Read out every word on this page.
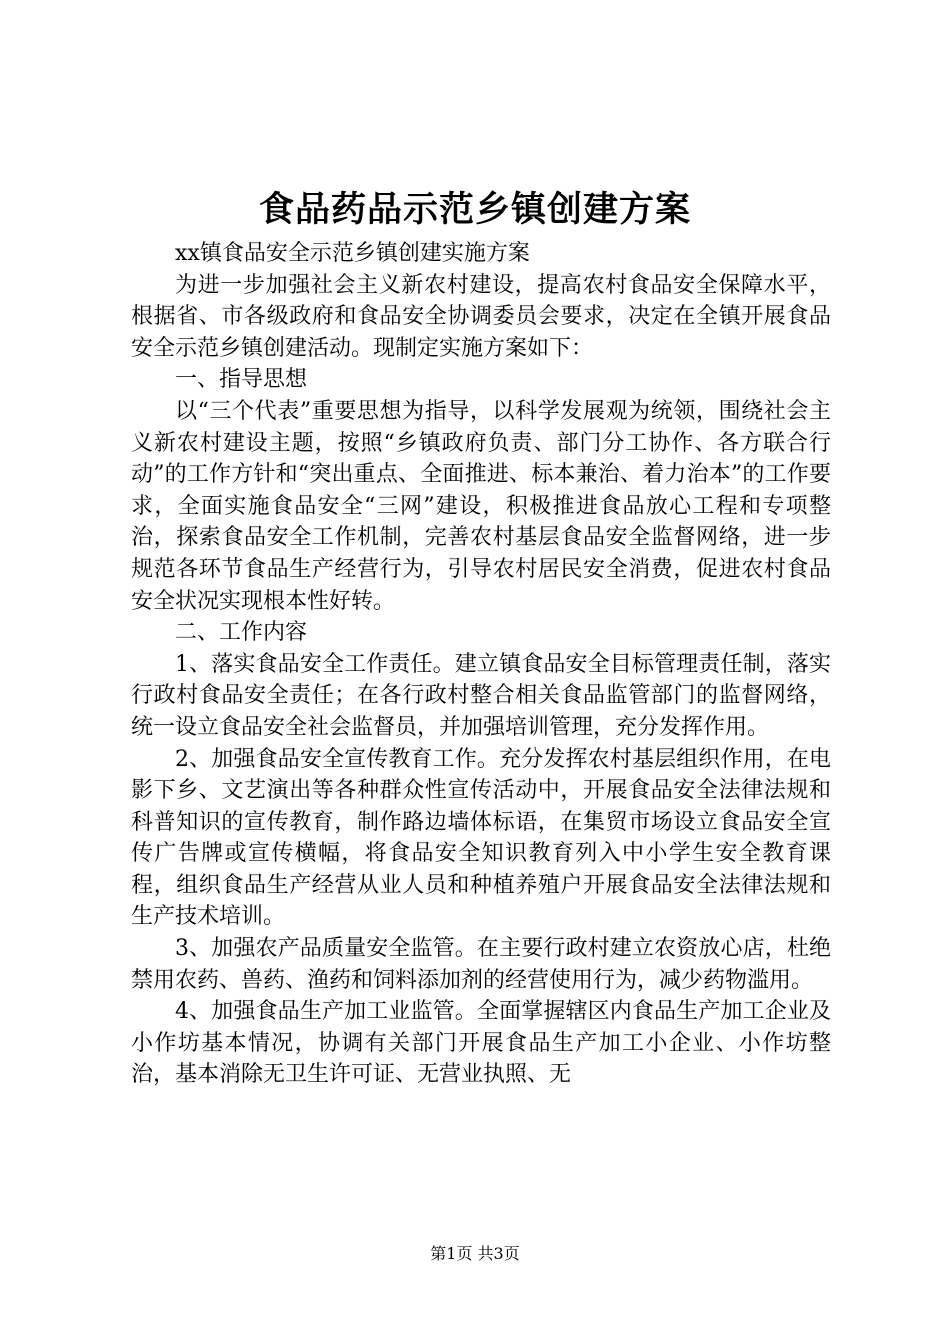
食品药品示范乡镇创建方案

xx镇食品安全示范乡镇创建实施方案

为进一步加强社会主义新农村建设，提高农村食品安全保障水平，根据省、市各级政府和食品安全协调委员会要求，决定在全镇开展食品安全示范乡镇创建活动。现制定实施方案如下：

一、指导思想

以“三个代表”重要思想为指导，以科学发展观为统领，围绕社会主义新农村建设主题，按照“乡镇政府负责、部门分工协作、各方联合行动”的工作方针和“突出重点、全面推进、标本兼治、着力治本”的工作要求，全面实施食品安全“三网”建设，积极推进食品放心工程和专项整治，探索食品安全工作机制，完善农村基层食品安全监督网络，进一步规范各环节食品生产经营行为，引导农村居民安全消费，促进农村食品安全状况实现根本性好转。

二、工作内容

1、落实食品安全工作责任。建立镇食品安全目标管理责任制，落实行政村食品安全责任；在各行政村整合相关食品监管部门的监督网络，统一设立食品安全社会监督员，并加强培训管理，充分发挥作用。

2、加强食品安全宣传教育工作。充分发挥农村基层组织作用，在电影下乡、文艺演出等各种群众性宣传活动中，开展食品安全法律法规和科普知识的宣传教育，制作路边墙体标语，在集贸市场设立食品安全宣传广告牌或宣传横幅，将食品安全知识教育列入中小学生安全教育课程，组织食品生产经营从业人员和种植养殖户开展食品安全法律法规和生产技术培训。

3、加强农产品质量安全监管。在主要行政村建立农资放心店，杜绝禁用农药、兽药、渔药和饲料添加剂的经营使用行为，减少药物滥用。

4、加强食品生产加工业监管。全面掌握辖区内食品生产加工企业及小作坊基本情况，协调有关部门开展食品生产加工小企业、小作坊整治，基本消除无卫生许可证、无营业执照、无

第1页 共3页
